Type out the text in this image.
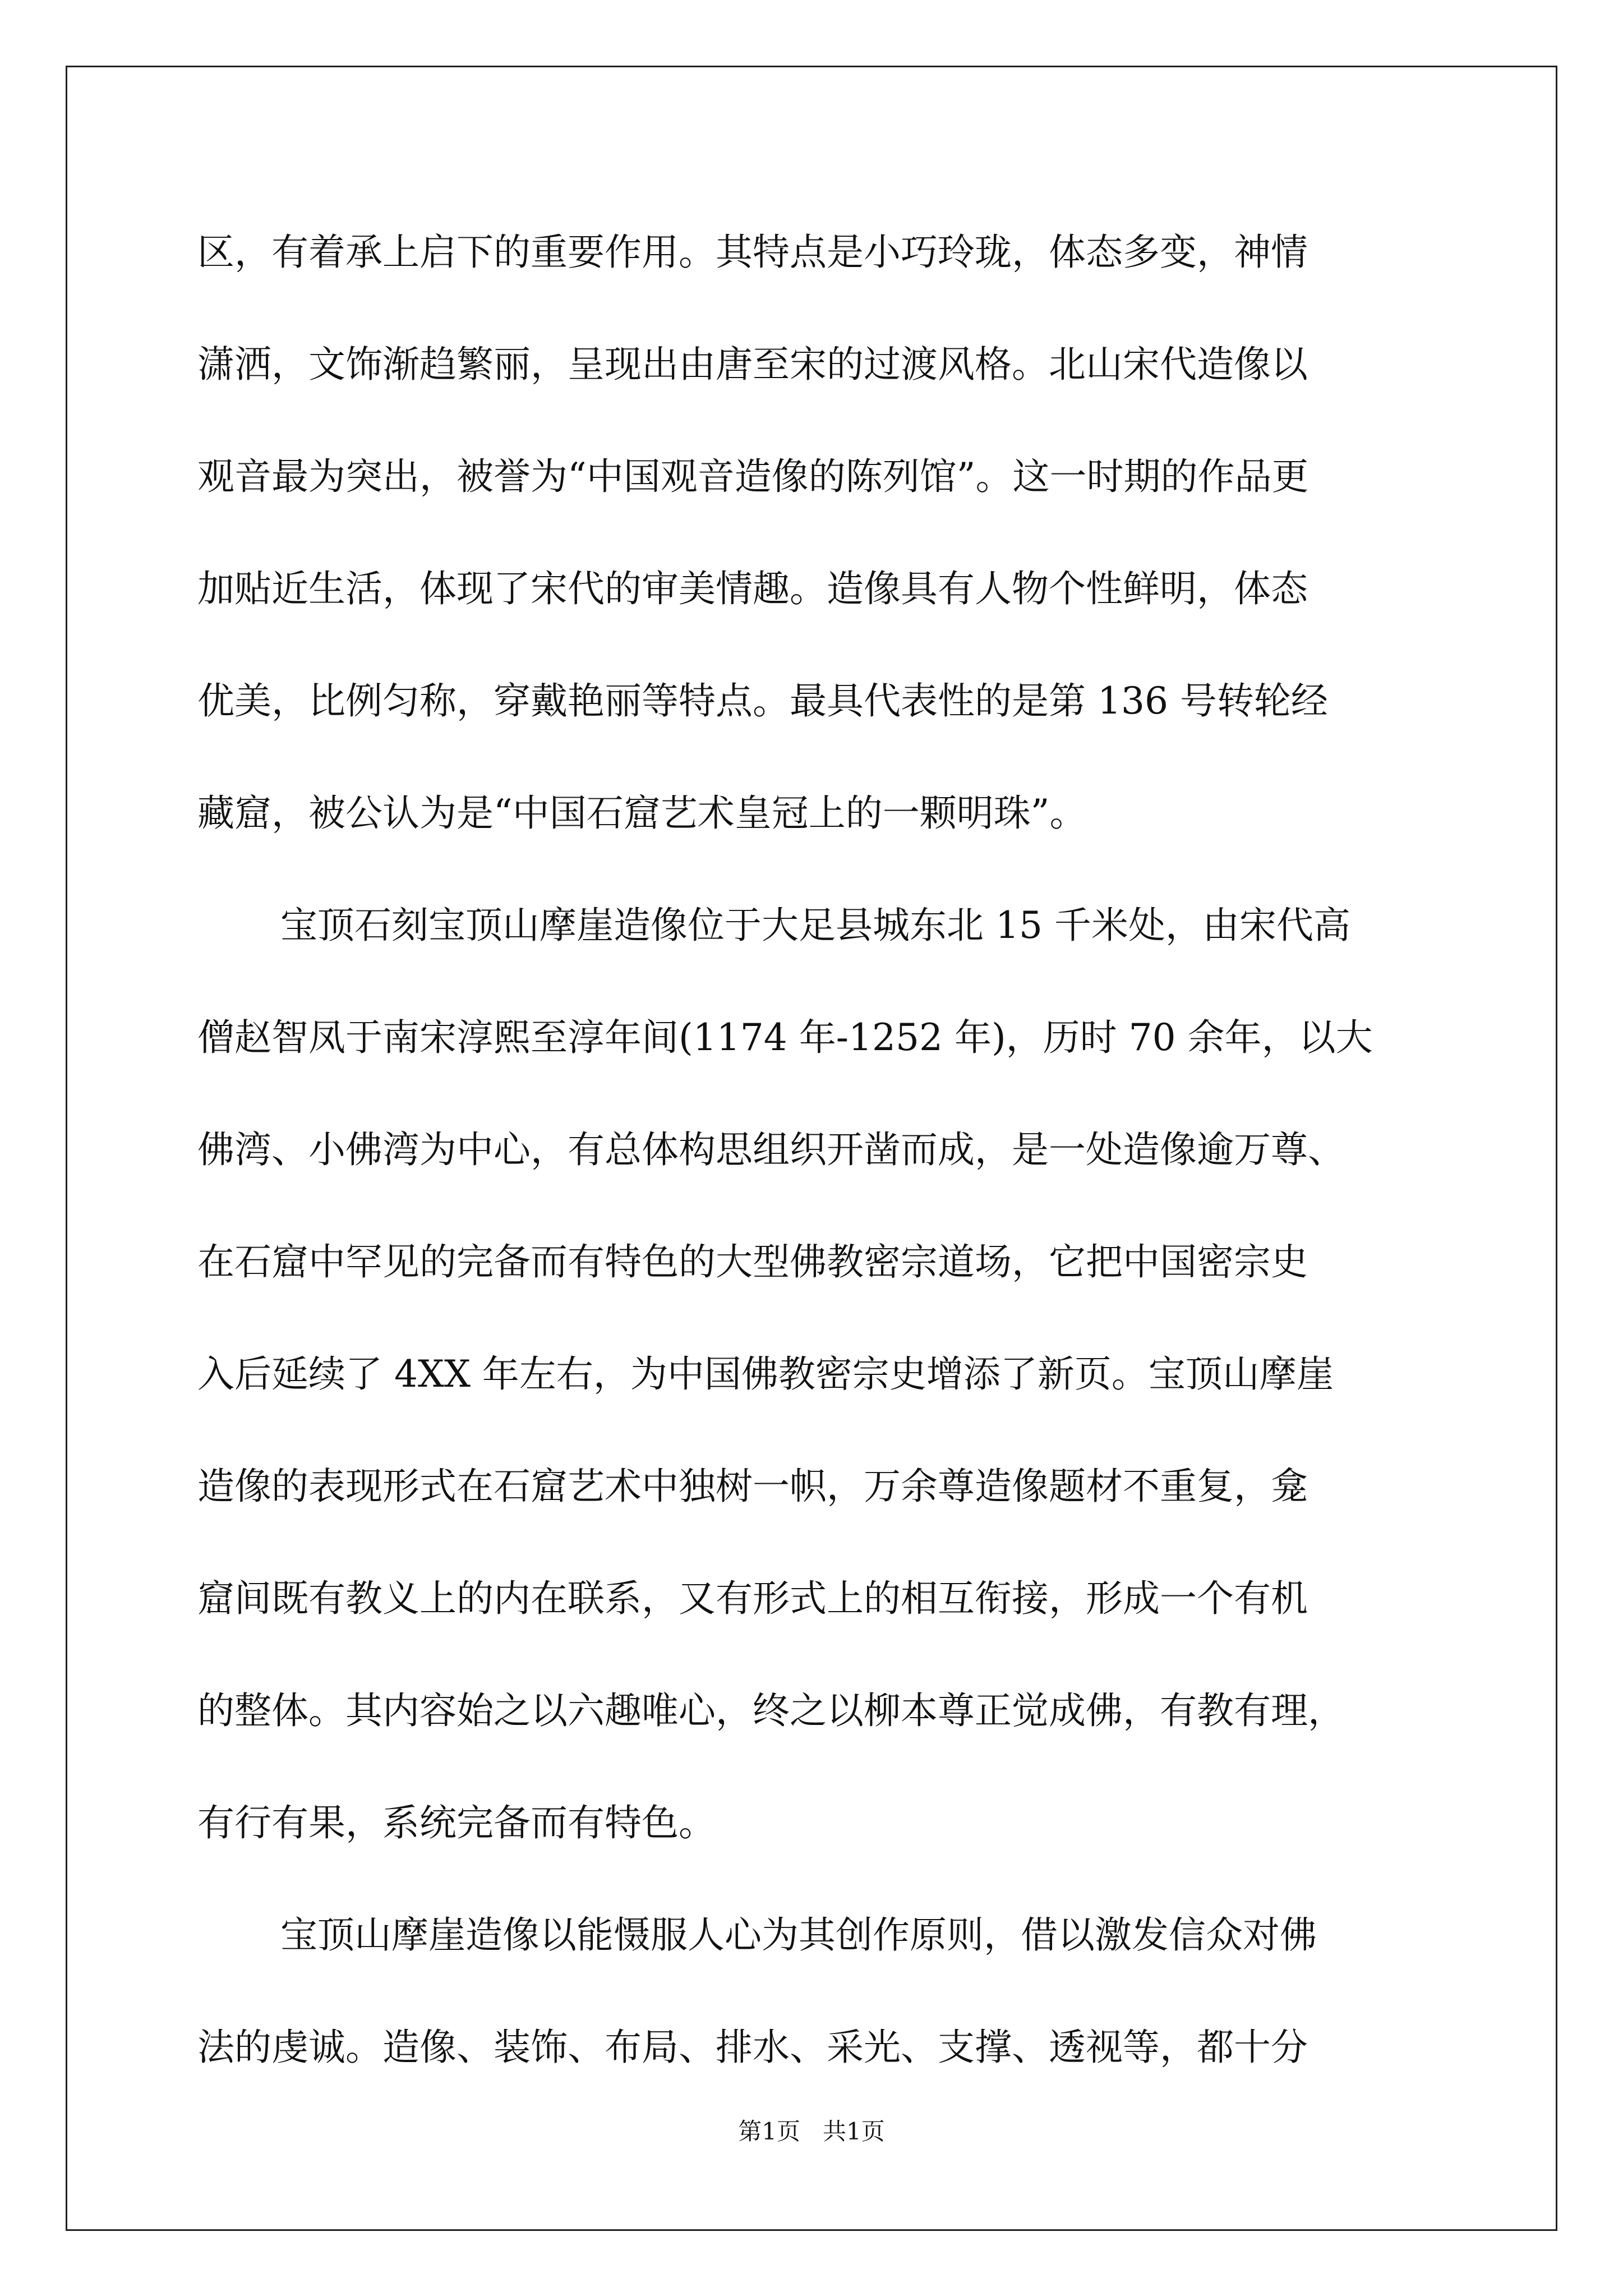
区，有着承上启下的重要作用。其特点是小巧玲珑，体态多变，神情
潇洒，文饰渐趋繁丽，呈现出由唐至宋的过渡风格。北山宋代造像以
观音最为突出，被誉为“中国观音造像的陈列馆”。这一时期的作品更
加贴近生活，体现了宋代的审美情趣。造像具有人物个性鲜明，体态
优美，比例匀称，穿戴艳丽等特点。最具代表性的是第 136 号转轮经
藏窟，被公认为是“中国石窟艺术皇冠上的一颗明珠”。
宝顶石刻宝顶山摩崖造像位于大足县城东北 15 千米处，由宋代高
僧赵智凤于南宋淳熙至淳年间(1174 年-1252 年)，历时 70 余年，以大
佛湾、小佛湾为中心，有总体构思组织开凿而成，是一处造像逾万尊、
在石窟中罕见的完备而有特色的大型佛教密宗道场，它把中国密宗史
入后延续了 4XX 年左右，为中国佛教密宗史增添了新页。宝顶山摩崖
造像的表现形式在石窟艺术中独树一帜，万余尊造像题材不重复，龛
窟间既有教义上的内在联系，又有形式上的相互衔接，形成一个有机
的整体。其内容始之以六趣唯心，终之以柳本尊正觉成佛，有教有理，
有行有果，系统完备而有特色。
宝顶山摩崖造像以能慑服人心为其创作原则，借以激发信众对佛
法的虔诚。造像、装饰、布局、排水、采光、支撑、透视等，都十分
第1页   共1页
